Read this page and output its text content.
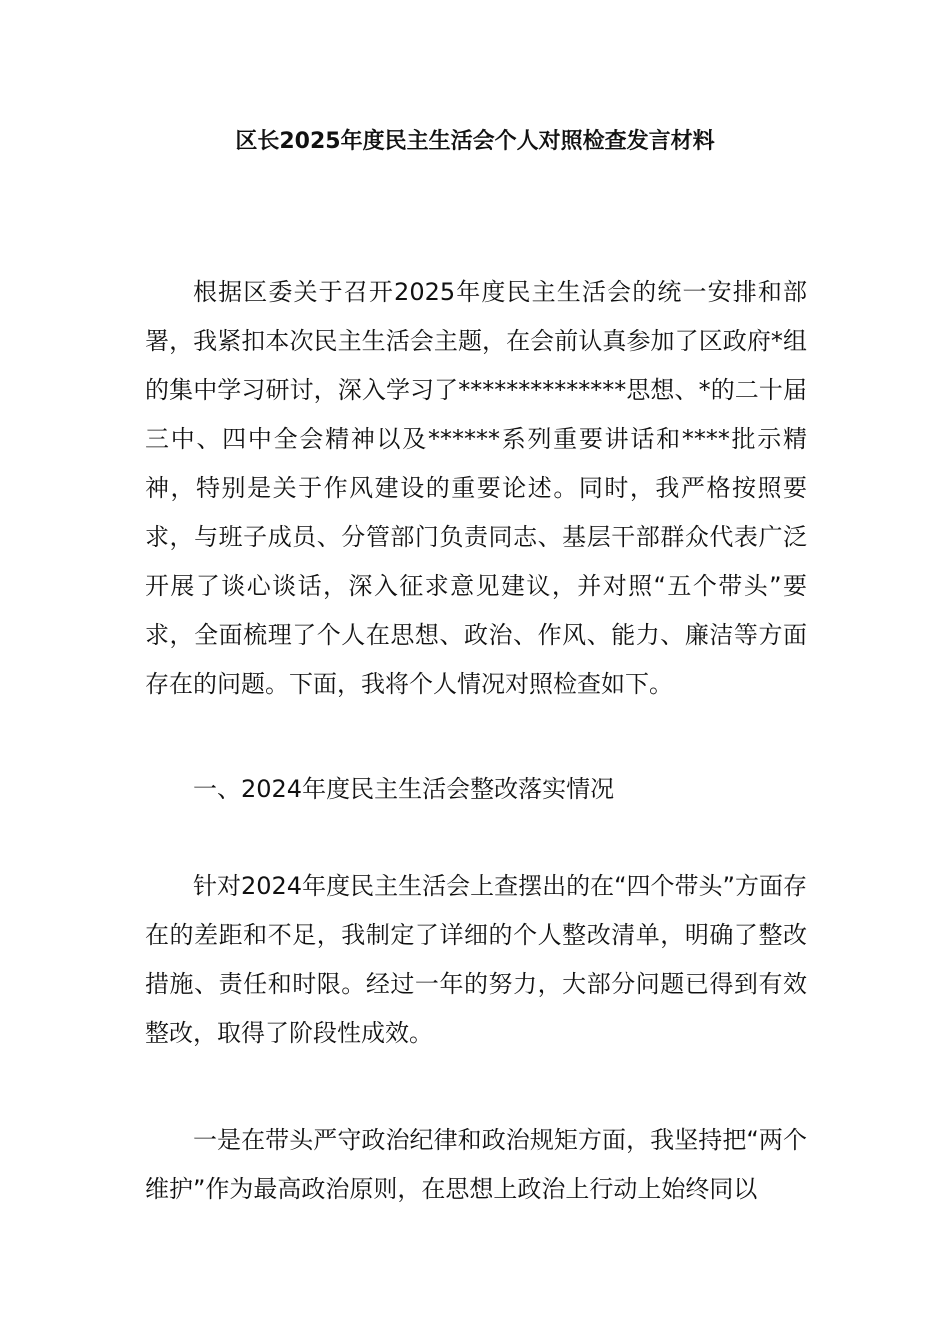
区长2025年度民主生活会个人对照检查发言材料

根据区委关于召开2025年度民主生活会的统一安排和部署，我紧扣本次民主生活会主题，在会前认真参加了区政府*组的集中学习研讨，深入学习了**************思想、*的二十届三中、四中全会精神以及******系列重要讲话和****批示精神，特别是关于作风建设的重要论述。同时，我严格按照要求，与班子成员、分管部门负责同志、基层干部群众代表广泛开展了谈心谈话，深入征求意见建议，并对照“五个带头”要求，全面梳理了个人在思想、政治、作风、能力、廉洁等方面存在的问题。下面，我将个人情况对照检查如下。

一、2024年度民主生活会整改落实情况

针对2024年度民主生活会上查摆出的在“四个带头”方面存在的差距和不足，我制定了详细的个人整改清单，明确了整改措施、责任和时限。经过一年的努力，大部分问题已得到有效整改，取得了阶段性成效。

一是在带头严守政治纪律和政治规矩方面，我坚持把“两个维护”作为最高政治原则，在思想上政治上行动上始终同以
